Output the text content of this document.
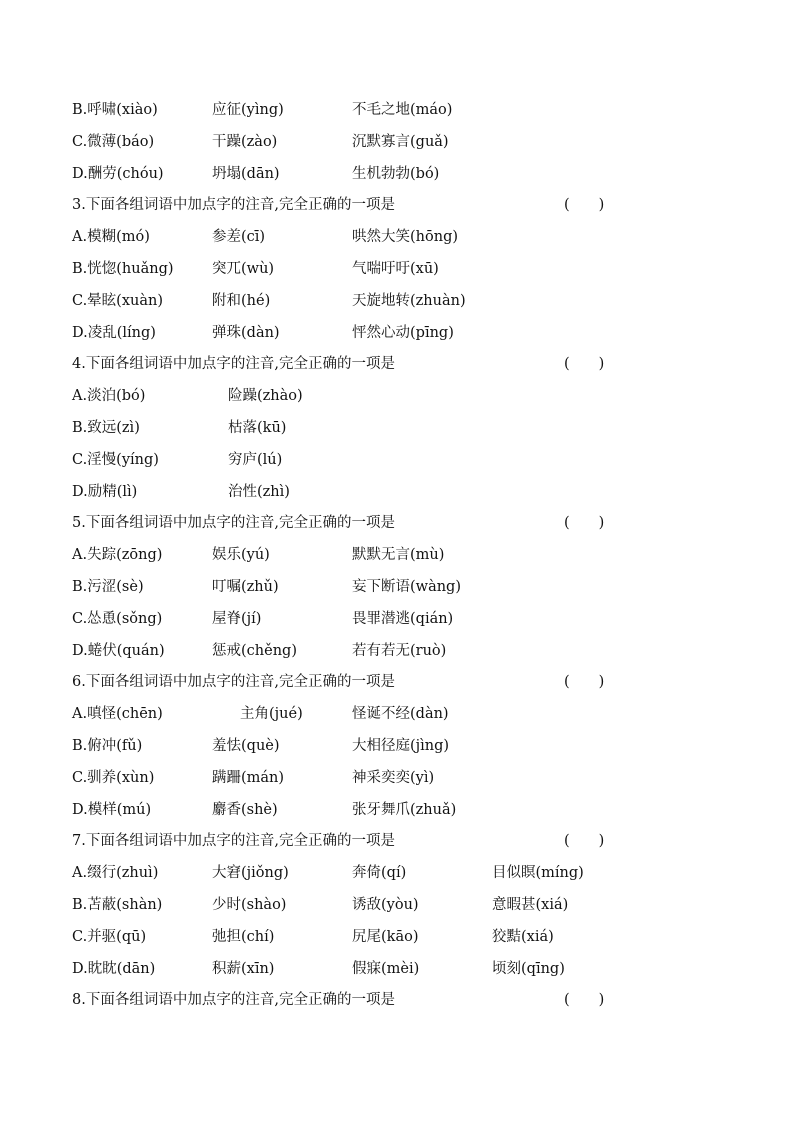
B.呼啸(xiào)	应征(yìng)	不毛之地(máo)
C.微薄(báo)	干躁(zào)	沉默寡言(guǎ)
D.酬劳(chóu)	坍塌(dān)	生机勃勃(bó)
3.下面各组词语中加点字的注音,完全正确的一项是	(　　)
A.模糊(mó)	参差(cī)	哄然大笑(hōng)
B.恍惚(huǎng)	突兀(wù)	气喘吁吁(xū)
C.晕眩(xuàn)	附和(hé)	天旋地转(zhuàn)
D.凌乱(líng)	弹珠(dàn)	怦然心动(pīng)
4.下面各组词语中加点字的注音,完全正确的一项是	(　　)
A.淡泊(bó)	险躁(zhào)
B.致远(zì)	枯落(kū)
C.淫慢(yíng)	穷庐(lú)
D.励精(lì)	治性(zhì)
5.下面各组词语中加点字的注音,完全正确的一项是	(　　)
A.失踪(zōng)	娱乐(yú)	默默无言(mù)
B.污涩(sè)	叮嘱(zhǔ)	妄下断语(wàng)
C.怂恿(sǒng)	屋脊(jí)	畏罪潜逃(qián)
D.蜷伏(quán)	惩戒(chěng)	若有若无(ruò)
6.下面各组词语中加点字的注音,完全正确的一项是	(　　)
A.嗔怪(chēn)	主角(jué)	怪诞不经(dàn)
B.俯冲(fǔ)	羞怯(què)	大相径庭(jìng)
C.驯养(xùn)	蹒跚(mán)	神采奕奕(yì)
D.模样(mú)	麝香(shè)	张牙舞爪(zhuǎ)
7.下面各组词语中加点字的注音,完全正确的一项是	(　　)
A.缀行(zhuì)	大窘(jiǒng)	奔倚(qí)	目似瞑(míng)
B.苫蔽(shàn)	少时(shào)	诱敌(yòu)	意暇甚(xiá)
C.并驱(qū)	弛担(chí)	尻尾(kāo)	狡黠(xiá)
D.眈眈(dān)	积薪(xīn)	假寐(mèi)	顷刻(qīng)
8.下面各组词语中加点字的注音,完全正确的一项是	(　　)
